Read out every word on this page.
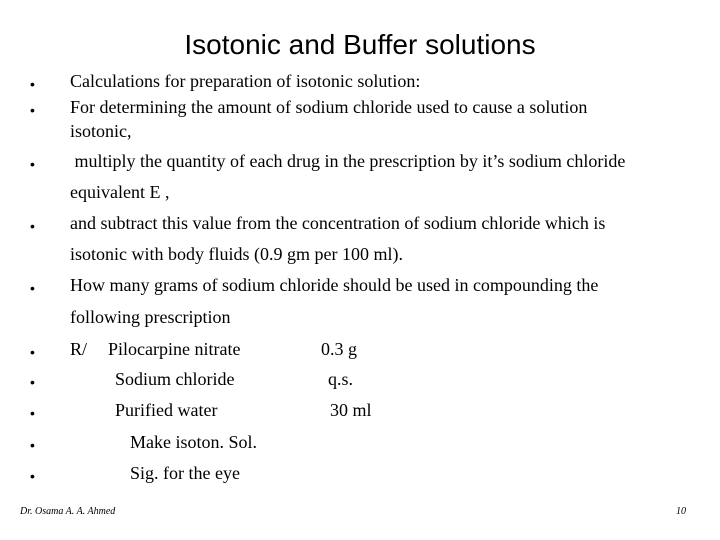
Isotonic and Buffer solutions
• Calculations for preparation of isotonic solution:
• For determining the amount of sodium chloride used to cause a solution
isotonic,
• multiply the quantity of each drug in the prescription by it’s sodium chloride
equivalent E ,
• and subtract this value from the concentration of sodium chloride which is
isotonic with body fluids (0.9 gm per 100 ml).
• How many grams of sodium chloride should be used in compounding the
following prescription
• R/ Pilocarpine nitrate	0.3 g
•	Sodium chloride	q.s.
•	Purified water	30 ml
•	Make isoton. Sol.
•	Sig. for the eye
Dr. Osama A. A. Ahmed	10
